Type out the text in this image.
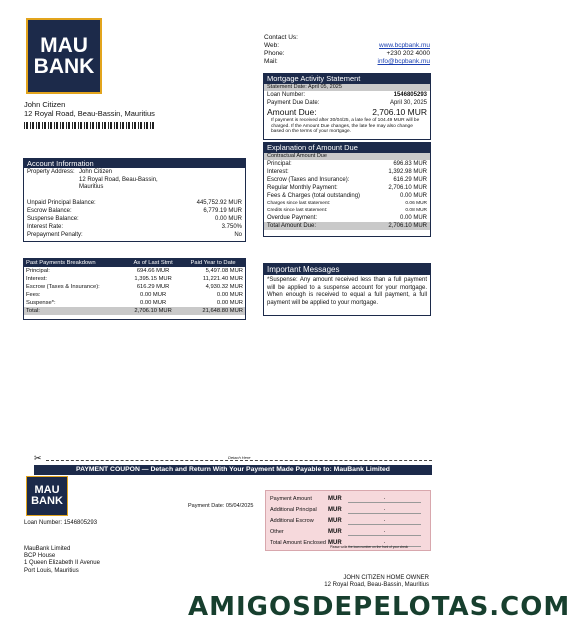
MAU
BANK
John Citizen
12 Royal Road, Beau-Bassin, Mauritius
Contact Us:
Web:	www.bcpbank.mu
Phone:	+230 202 4000
Mail:	info@bcpbank.mu
Mortgage Activity Statement
Statement Date: April 05, 2025
Loan Number:	1546805293
Payment Due Date:	April 30, 2025
Amount Due:	2,706.10 MUR
If payment is received after 30/04/25, a late fee of 104.49 MUR will be charged. If the Amount Due changes, the late fee may also change based on the terms of your mortgage.
Explanation of Amount Due
Contractual Amount Due
Principal:	696.83 MUR
Interest:	1,392.98 MUR
Escrow (Taxes and Insurance):	616.29 MUR
Regular Monthly Payment:	2,706.10 MUR
Fees & Charges (total outstanding)	0.00 MUR
Charges since last statement:	0.06 MUR
Credits since last statement:	0.08 MUR
Overdue Payment:	0.00 MUR
Total Amount Due:	2,706.10 MUR
Account Information
Property Address: John Citizen
12 Royal Road, Beau-Bassin,
Mauritius
Unpaid Principal Balance:	445,752.92 MUR
Escrow Balance:	6,779.19 MUR
Suspense Balance:	0.00 MUR
Interest Rate:	3.750%
Prepayment Penalty:	No
Past Payments Breakdown	As of Last Stmt	Paid Year to Date
Principal:	694.66 MUR	5,497.08 MUR
Interest:	1,395.15 MUR	11,221.40 MUR
Escrow (Taxes & Insurance):	616.29 MUR	4,930.32 MUR
Fees:	0.00 MUR	0.00 MUR
Suspense*:	0.00 MUR	0.00 MUR
Total:	2,706.10 MUR	21,648.80 MUR
Important Messages
*Suspense: Any amount received less than a full payment will be applied to a suspense account for your mortgage. When enough is received to equal a full payment, a full payment will be applied to your mortgage.
✂	Detach Here
PAYMENT COUPON — Detach and Return With Your Payment Made Payable to: MauBank Limited
MAU
BANK	Payment Date: 05/04/2025
Loan Number: 1546805293
Payment Amount	MUR	.
Additional Principal	MUR	.
Additional Escrow	MUR	.
Other	MUR	.
Total Amount Enclosed MUR	.
Please write the loan number on the front of your check
MauBank Limited
BCP House
1 Queen Elizabeth II Avenue
Port Louis, Mauritius
JOHN CITIZEN HOME OWNER
12 Royal Road, Beau-Bassin, Mauritius
AMIGOSDEPELOTAS.COM
